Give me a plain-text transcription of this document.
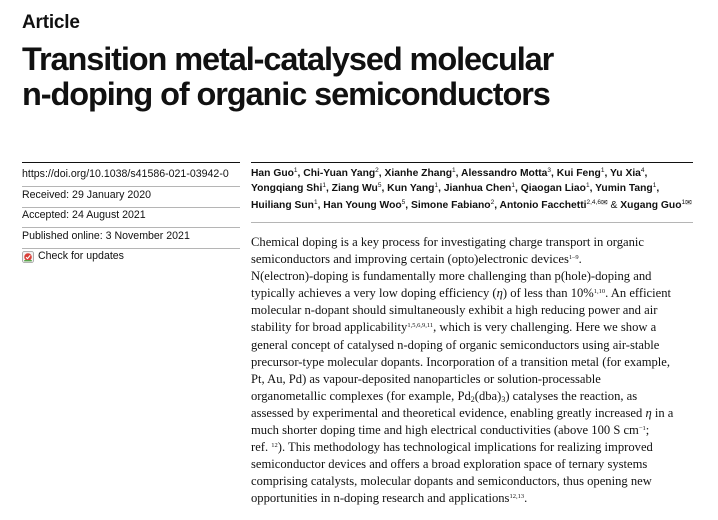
Article
Transition metal-catalysed molecular
n-doping of organic semiconductors
https://doi.org/10.1038/s41586-021-03942-0
Received: 29 January 2020
Accepted: 24 August 2021
Published online: 3 November 2021
Check for updates
Han Guo$^1$, Chi-Yuan Yang$^2$, Xianhe Zhang$^1$, Alessandro Motta$^3$, Kui Feng$^1$, Yu Xia$^4$, Yongqiang Shi$^1$, Ziang Wu$^5$, Kun Yang$^1$, Jianhua Chen$^1$, Qiaogan Liao$^1$, Yumin Tang$^1$, Huiliang Sun$^1$, Han Young Woo$^5$, Simone Fabiano$^2$, Antonio Facchetti$^{2,4,6✉}$ & Xugang Guo$^{1✉}$
Chemical doping is a key process for investigating charge transport in organic
semiconductors and improving certain (opto)electronic devices$^{1-9}$.
N(electron)-doping is fundamentally more challenging than p(hole)-doping and
typically achieves a very low doping efficiency (η) of less than 10%$^{1,10}$. An efficient
molecular n-dopant should simultaneously exhibit a high reducing power and air
stability for broad applicability$^{1,5,6,9,11}$, which is very challenging. Here we show a
general concept of catalysed n-doping of organic semiconductors using air-stable
precursor-type molecular dopants. Incorporation of a transition metal (for example,
Pt, Au, Pd) as vapour-deposited nanoparticles or solution-processable
organometallic complexes (for example, $Pd_2(dba)_3$) catalyses the reaction, as
assessed by experimental and theoretical evidence, enabling greatly increased η in a
much shorter doping time and high electrical conductivities (above 100 S $cm^{-1}$;
ref. $^{12}$). This methodology has technological implications for realizing improved
semiconductor devices and offers a broad exploration space of ternary systems
comprising catalysts, molecular dopants and semiconductors, thus opening new
opportunities in n-doping research and applications$^{12,13}$.
